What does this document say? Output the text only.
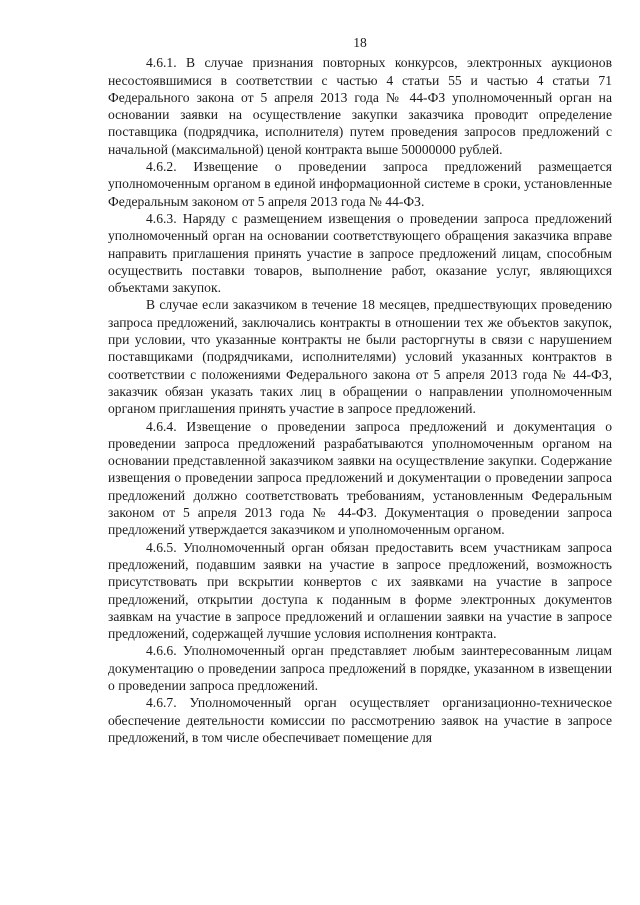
18

4.6.1. В случае признания повторных конкурсов, электронных аукционов несостоявшимися в соответствии с частью 4 статьи 55 и частью 4 статьи 71 Федерального закона от 5 апреля 2013 года № 44-ФЗ уполномоченный орган на основании заявки на осуществление закупки заказчика проводит определение поставщика (подрядчика, исполнителя) путем проведения запросов предложений с начальной (максимальной) ценой контракта выше 50000000 рублей.

4.6.2. Извещение о проведении запроса предложений размещается уполномоченным органом в единой информационной системе в сроки, установленные Федеральным законом от 5 апреля 2013 года № 44-ФЗ.

4.6.3. Наряду с размещением извещения о проведении запроса предложений уполномоченный орган на основании соответствующего обращения заказчика вправе направить приглашения принять участие в запросе предложений лицам, способным осуществить поставки товаров, выполнение работ, оказание услуг, являющихся объектами закупок.

В случае если заказчиком в течение 18 месяцев, предшествующих проведению запроса предложений, заключались контракты в отношении тех же объектов закупок, при условии, что указанные контракты не были расторгнуты в связи с нарушением поставщиками (подрядчиками, исполнителями) условий указанных контрактов в соответствии с положениями Федерального закона от 5 апреля 2013 года № 44-ФЗ, заказчик обязан указать таких лиц в обращении о направлении уполномоченным органом приглашения принять участие в запросе предложений.

4.6.4. Извещение о проведении запроса предложений и документация о проведении запроса предложений разрабатываются уполномоченным органом на основании представленной заказчиком заявки на осуществление закупки. Содержание извещения о проведении запроса предложений и документации о проведении запроса предложений должно соответствовать требованиям, установленным Федеральным законом от 5 апреля 2013 года № 44-ФЗ. Документация о проведении запроса предложений утверждается заказчиком и уполномоченным органом.

4.6.5. Уполномоченный орган обязан предоставить всем участникам запроса предложений, подавшим заявки на участие в запросе предложений, возможность присутствовать при вскрытии конвертов с их заявками на участие в запросе предложений, открытии доступа к поданным в форме электронных документов заявкам на участие в запросе предложений и оглашении заявки на участие в запросе предложений, содержащей лучшие условия исполнения контракта.

4.6.6. Уполномоченный орган представляет любым заинтересованным лицам документацию о проведении запроса предложений в порядке, указанном в извещении о проведении запроса предложений.

4.6.7. Уполномоченный орган осуществляет организационно-техническое обеспечение деятельности комиссии по рассмотрению заявок на участие в запросе предложений, в том числе обеспечивает помещение для
